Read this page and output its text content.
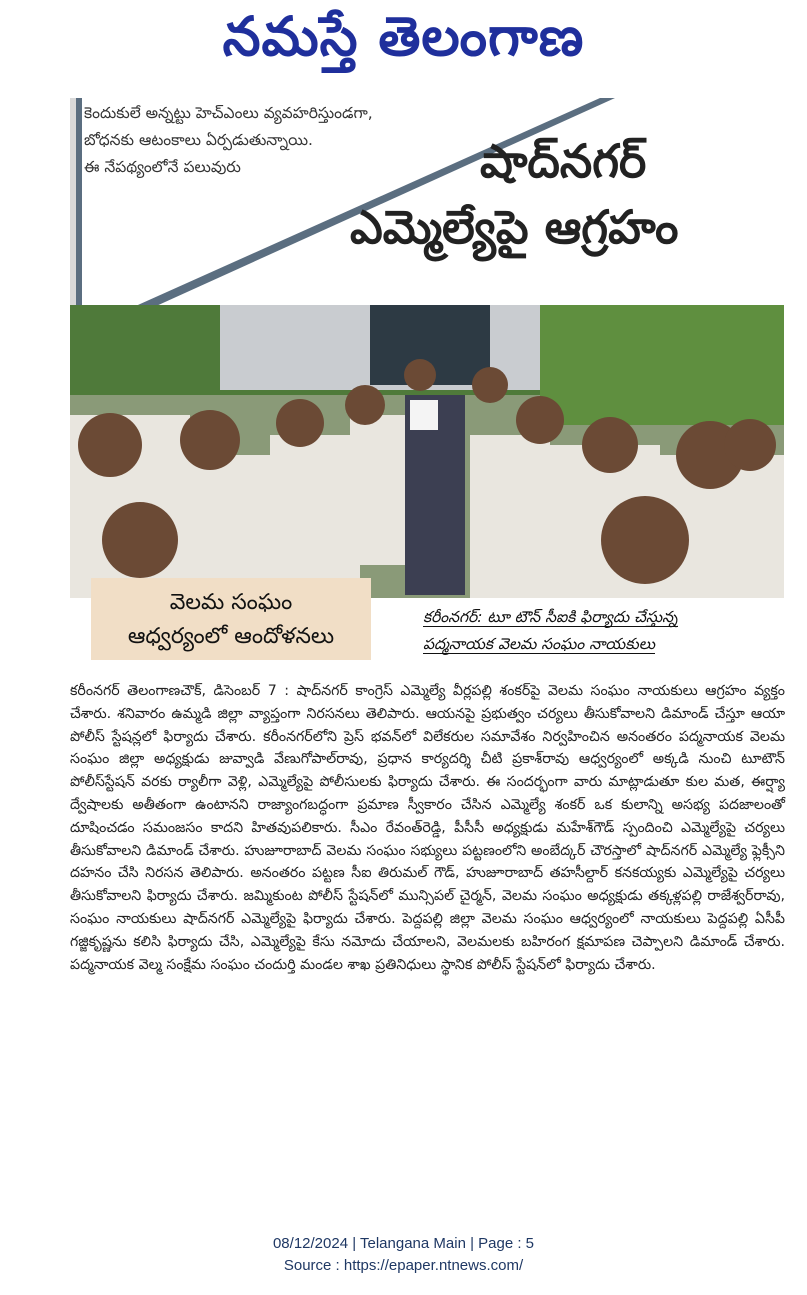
నమస్తే తెలంగాణ
కెందుకులే అన్నట్టు హెచ్ఎంలు వ్యవహరిస్తుండగా,
బోధనకు ఆటంకాలు ఏర్పడుతున్నాయి.
ఈ నేపథ్యంలోనే పలువురు	షాద్‌నగర్
ఎమ్మెల్యేపై ఆగ్రహం
వెలమ సంఘం
ఆధ్వర్యంలో ఆందోళనలు
కరీంనగర్: టూ టౌన్ సీఐకి ఫిర్యాదు చేస్తున్న
పద్మనాయక వెలమ సంఘం నాయకులు
కరీంనగర్ తెలంగాణచౌక్, డిసెంబర్ 7 : షాద్‌నగర్ కాంగ్రెస్ ఎమ్మెల్యే వీర్లపల్లి శంకర్‌పై వెలమ సంఘం నాయకులు ఆగ్రహం వ్యక్తం చేశారు. శనివారం ఉమ్మడి జిల్లా వ్యాప్తంగా నిరసనలు తెలిపారు. ఆయనపై ప్రభుత్వం చర్యలు తీసుకోవాలని డిమాండ్ చేస్తూ ఆయా పోలీస్ స్టేషన్లలో ఫిర్యాదు చేశారు. కరీంనగర్‌లోని ప్రెస్ భవన్‌లో విలేకరుల సమావేశం నిర్వహించిన అనంతరం పద్మనాయక వెలమ సంఘం జిల్లా అధ్యక్షుడు జువ్వాడి వేణుగోపాల్‌రావు, ప్రధాన కార్యదర్శి చీటి ప్రకాశ్‌రావు ఆధ్వర్యంలో అక్కడి నుంచి టూటౌన్ పోలీస్‌స్టేషన్ వరకు ర్యాలీగా వెళ్లి, ఎమ్మెల్యేపై పోలీసులకు ఫిర్యాదు చేశారు. ఈ సందర్భంగా వారు మాట్లాడుతూ కుల మత, ఈర్ష్యా ద్వేషాలకు అతీతంగా ఉంటానని రాజ్యాంగబద్ధంగా ప్రమాణ స్వీకారం చేసిన ఎమ్మెల్యే శంకర్ ఒక కులాన్ని అసభ్య పదజాలంతో దూషించడం సమంజసం కాదని హితవుపలికారు. సీఎం రేవంత్‌రెడ్డి, పీసీసీ అధ్యక్షుడు మహేశ్‌గౌడ్ స్పందించి ఎమ్మెల్యేపై చర్యలు తీసుకోవాలని డిమాండ్ చేశారు. హుజూరాబాద్ వెలమ సంఘం సభ్యులు పట్టణంలోని అంబేద్కర్ చౌరస్తాలో షాద్‌నగర్ ఎమ్మెల్యే ఫ్లెక్సీని దహనం చేసి నిరసన తెలిపారు. అనంతరం పట్టణ సీఐ తిరుమల్ గౌడ్, హుజూరాబాద్ తహసీల్దార్ కనకయ్యకు ఎమ్మెల్యేపై చర్యలు తీసుకోవాలని ఫిర్యాదు చేశారు. జమ్మికుంట పోలీస్ స్టేషన్‌లో మున్సిపల్ చైర్మన్, వెలమ సంఘం అధ్యక్షుడు తక్కళ్లపల్లి రాజేశ్వర్‌రావు, సంఘం నాయకులు షాద్‌నగర్ ఎమ్మెల్యేపై ఫిర్యాదు చేశారు. పెద్దపల్లి జిల్లా వెలమ సంఘం ఆధ్వర్యంలో నాయకులు పెద్దపల్లి ఏసీపీ గజ్జికృష్ణను కలిసి ఫిర్యాదు చేసి, ఎమ్మెల్యేపై కేసు నమోదు చేయాలని, వెలమలకు బహిరంగ క్షమాపణ చెప్పాలని డిమాండ్ చేశారు. పద్మనాయక వెల్మ సంక్షేమ సంఘం చందుర్తి మండల శాఖ ప్రతినిధులు స్థానిక పోలీస్ స్టేషన్‌లో ఫిర్యాదు చేశారు.
08/12/2024 | Telangana Main | Page : 5
Source : https://epaper.ntnews.com/
